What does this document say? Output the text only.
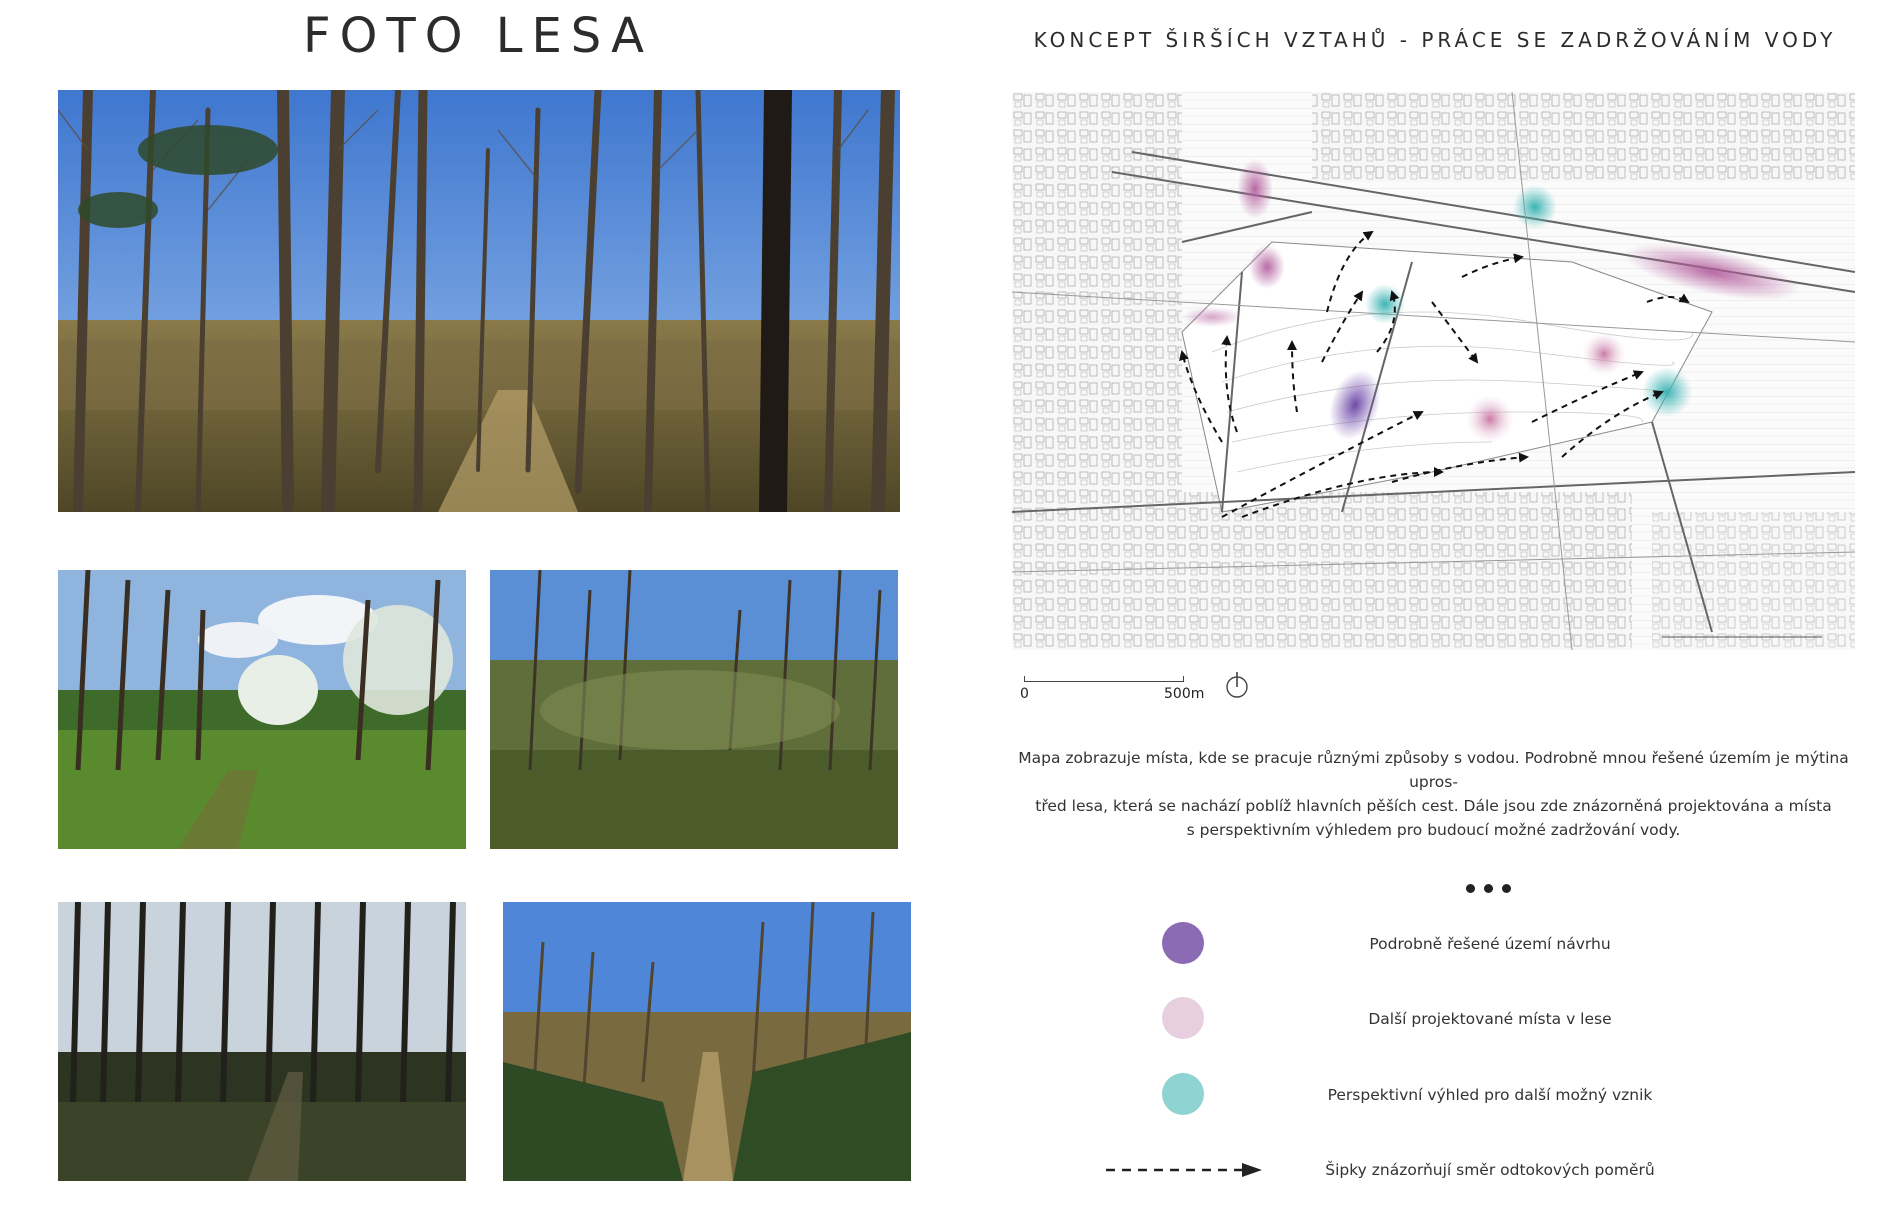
FOTO LESA	KONCEPT ŠIRŠÍCH VZTAHŮ - PRÁCE SE ZADRŽOVÁNÍM VODY
0	500m
Mapa zobrazuje místa, kde se pracuje různými způsoby s vodou. Podrobně mnou řešené územím je mýtina upros-
třed lesa, která se nachází poblíž hlavních pěších cest. Dále jsou zde znázorněná projektována a místa
s perspektivním výhledem pro budoucí možné zadržování vody.
Podrobně řešené území návrhu
Další projektované místa v lese
Perspektivní výhled pro další možný vznik
Šipky znázorňují směr odtokových poměrů
